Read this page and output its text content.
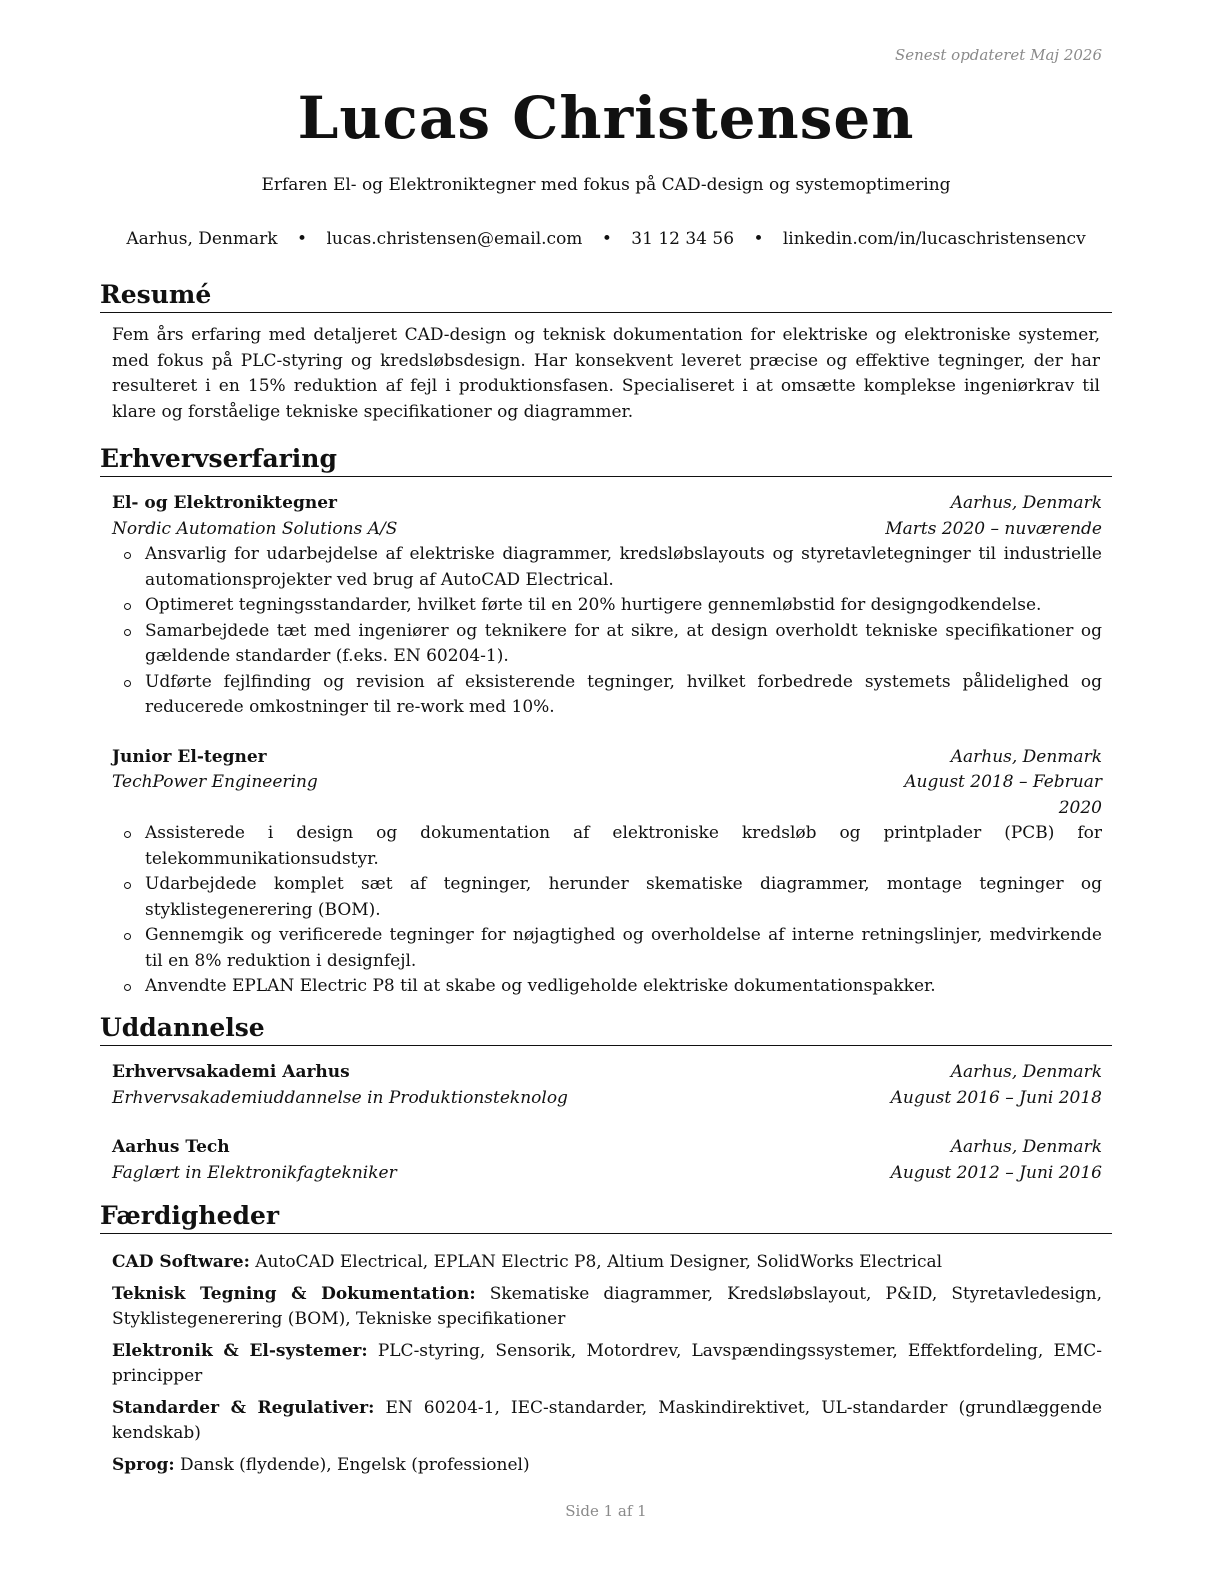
Senest opdateret Maj 2026
Lucas Christensen
Erfaren El- og Elektroniktegner med fokus på CAD-design og systemoptimering
Aarhus, Denmark • lucas.christensen@email.com • 31 12 34 56 • linkedin.com/in/lucaschristensencv
Resumé

Fem års erfaring med detaljeret CAD-design og teknisk dokumentation for elektriske og elektroniske systemer, med fokus på PLC-styring og kredsløbsdesign. Har konsekvent leveret præcise og effektive tegninger, der har resulteret i en 15% reduktion af fejl i produktionsfasen. Specialiseret i at omsætte komplekse ingeniørkrav til klare og forståelige tekniske specifikationer og diagrammer.

Erhvervserfaring
El- og Elektroniktegner	Aarhus, Denmark
Nordic Automation Solutions A/S	Marts 2020 – nuværende
Ansvarlig for udarbejdelse af elektriske diagrammer, kredsløbslayouts og styretavletegninger til industrielle automationsprojekter ved brug af AutoCAD Electrical.
Optimeret tegningsstandarder, hvilket førte til en 20% hurtigere gennemløbstid for designgodkendelse.
Samarbejdede tæt med ingeniører og teknikere for at sikre, at design overholdt tekniske specifikationer og gældende standarder (f.eks. EN 60204-1).
Udførte fejlfinding og revision af eksisterende tegninger, hvilket forbedrede systemets pålidelighed og reducerede omkostninger til re-work med 10%.
Junior El-tegner	Aarhus, Denmark
TechPower Engineering	August 2018 – Februar 2020
Assisterede i design og dokumentation af elektroniske kredsløb og printplader (PCB) for telekommunikationsudstyr.
Udarbejdede komplet sæt af tegninger, herunder skematiske diagrammer, montage tegninger og styklistegenerering (BOM).
Gennemgik og verificerede tegninger for nøjagtighed og overholdelse af interne retningslinjer, medvirkende til en 8% reduktion i designfejl.
Anvendte EPLAN Electric P8 til at skabe og vedligeholde elektriske dokumentationspakker.
Uddannelse
Erhvervsakademi Aarhus	Aarhus, Denmark
Erhvervsakademiuddannelse in Produktionsteknolog	August 2016 – Juni 2018
Aarhus Tech	Aarhus, Denmark
Faglært in Elektronikfagtekniker	August 2012 – Juni 2016
Færdigheder
CAD Software: AutoCAD Electrical, EPLAN Electric P8, Altium Designer, SolidWorks Electrical
Teknisk Tegning & Dokumentation: Skematiske diagrammer, Kredsløbslayout, P&ID, Styretavledesign, Styklistegenerering (BOM), Tekniske specifikationer
Elektronik & El-systemer: PLC-styring, Sensorik, Motordrev, Lavspændingssystemer, Effektfordeling, EMC-principper
Standarder & Regulativer: EN 60204-1, IEC-standarder, Maskindirektivet, UL-standarder (grundlæggende kendskab)
Sprog: Dansk (flydende), Engelsk (professionel)
Side 1 af 1
